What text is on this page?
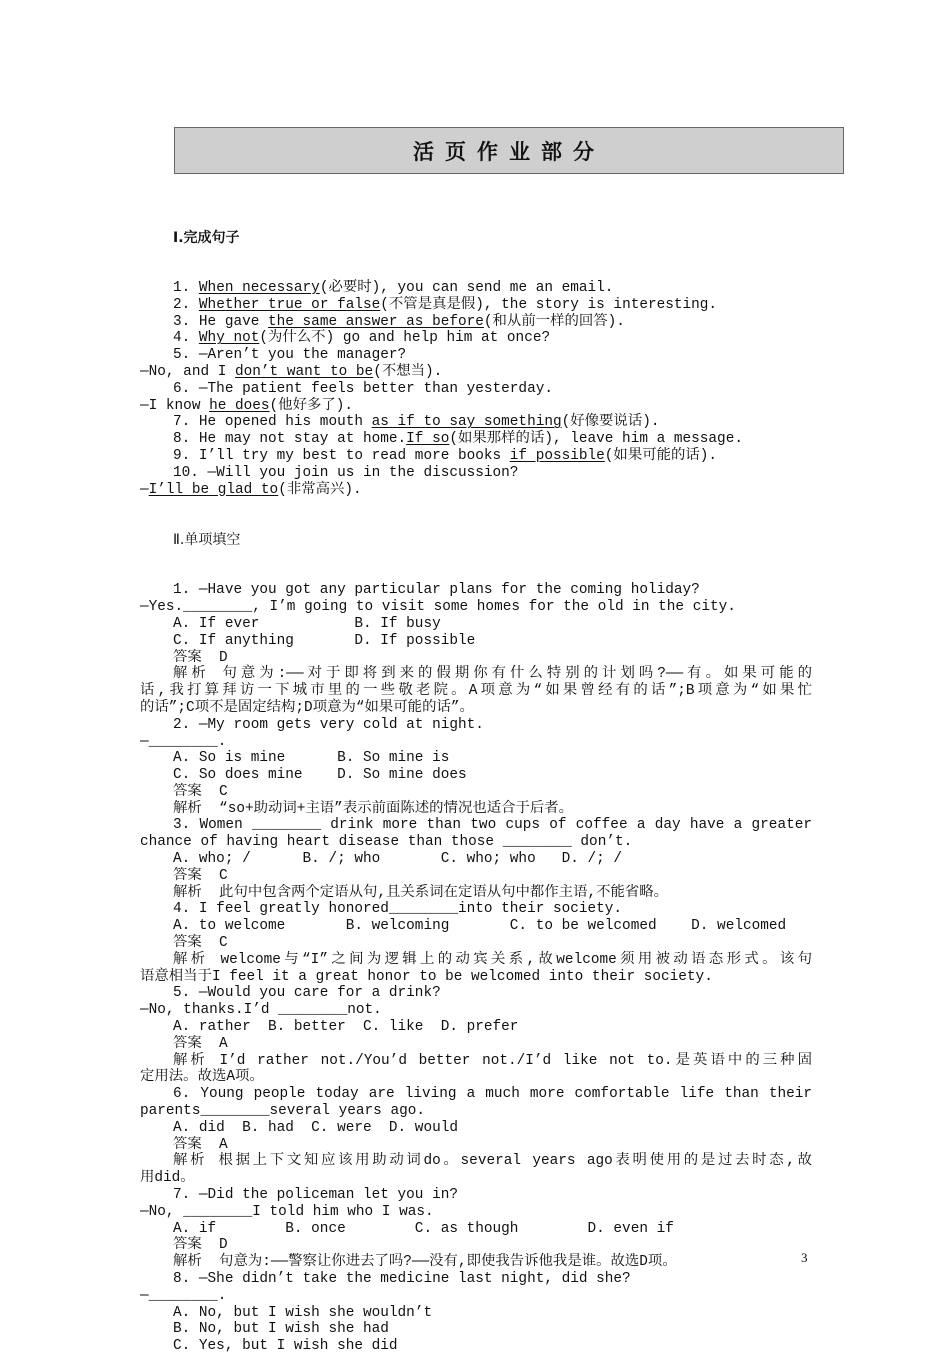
活页作业部分

Ⅰ.完成句子

1. When necessary(必要时), you can send me an email.
2. Whether true or false(不管是真是假), the story is interesting.
3. He gave the same answer as before(和从前一样的回答).
4. Why not(为什么不) go and help him at once?
5. —Aren’t you the manager?
—No, and I don’t want to be(不想当).
6. —The patient feels better than yesterday.
—I know he does(他好多了).
7. He opened his mouth as if to say something(好像要说话).
8. He may not stay at home.If so(如果那样的话), leave him a message.
9. I’ll try my best to read more books if possible(如果可能的话).
10. —Will you join us in the discussion?
—I’ll be glad to(非常高兴).

Ⅱ.单项填空

1. —Have you got any particular plans for the coming holiday?
—Yes.________, I’m going to visit some homes for the old in the city.
A. If ever           B. If busy
C. If anything       D. If possible
答案  D
解析 句意为:——对于即将到来的假期你有什么特别的计划吗?——有。如果可能的
话,我打算拜访一下城市里的一些敬老院。A项意为“如果曾经有的话”;B项意为“如果忙
的话”;C项不是固定结构;D项意为“如果可能的话”。
2. —My room gets very cold at night.
—________.
A. So is mine      B. So mine is
C. So does mine    D. So mine does
答案  C
解析  “so+助动词+主语”表示前面陈述的情况也适合于后者。
3. Women ________ drink more than two cups of coffee a day have a greater
chance of having heart disease than those ________ don’t.
A. who; /      B. /; who       C. who; who   D. /; /
答案  C
解析  此句中包含两个定语从句,且关系词在定语从句中都作主语,不能省略。
4. I feel greatly honored________into their society.
A. to welcome       B. welcoming       C. to be welcomed    D. welcomed
答案  C
解析 welcome与“I”之间为逻辑上的动宾关系,故welcome须用被动语态形式。该句
语意相当于I feel it a great honor to be welcomed into their society.
5. —Would you care for a drink?
—No, thanks.I’d ________not.
A. rather  B. better  C. like  D. prefer
答案  A
解析 I’d rather not./You’d better not./I’d like not to.是英语中的三种固
定用法。故选A项。
6. Young people today are living a much more comfortable life than their
parents________several years ago.
A. did  B. had  C. were  D. would
答案  A
解析 根据上下文知应该用助动词do。several years ago表明使用的是过去时态,故
用did。
7. —Did the policeman let you in?
—No, ________I told him who I was.
A. if        B. once        C. as though        D. even if
答案  D
解析  句意为:——警察让你进去了吗?——没有,即使我告诉他我是谁。故选D项。
8. —She didn’t take the medicine last night, did she?
—________.
A. No, but I wish she wouldn’t
B. No, but I wish she had
C. Yes, but I wish she did

3
